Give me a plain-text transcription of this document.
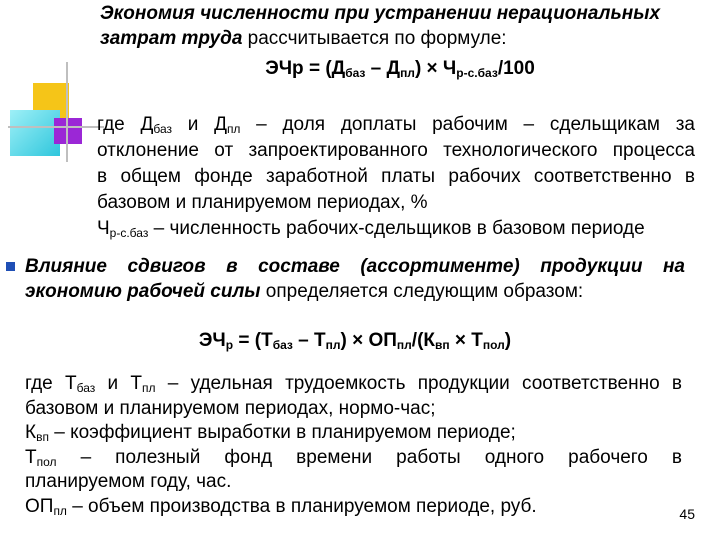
Экономия численности при устранении нерациональных
затрат труда рассчитывается по формуле:
ЭЧр = $(Д_{баз} - Д_{пл}) \times Ч_{р-с.баз}/100$
где $Д_{баз}$ и $Д_{пл}$ – доля доплаты рабочим – сдельщикам за
отклонение от запроектированного технологического процесса
в общем фонде заработной платы рабочих соответственно в
базовом и планируемом периодах, %
$Ч_{р-с.баз}$ – численность рабочих-сдельщиков в базовом периоде
Влияние сдвигов в составе (ассортименте) продукции на
экономию рабочей силы определяется следующим образом:
$ЭЧ_р = (Т_{баз} - Т_{пл}) \times ОП_{пл}/(К_{вп} \times Т_{пол})$
где $Т_{баз}$ и $Т_{пл}$ – удельная трудоемкость продукции соответственно в
базовом и планируемом периодах, нормо-час;
$К_{вп}$ – коэффициент выработки в планируемом периоде;
$Т_{пол}$ – полезный фонд времени работы одного рабочего в
планируемом году, час.
$ОП_{пл}$ – объем производства в планируемом периоде, руб.	45
